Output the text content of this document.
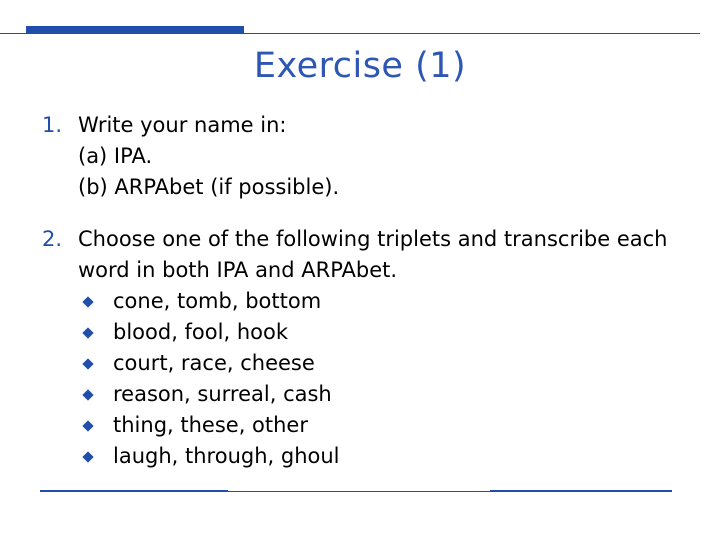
Exercise (1)
1. Write your name in:
(a) IPA.
(b) ARPAbet (if possible).
2. Choose one of the following triplets and transcribe each word in both IPA and ARPAbet.
cone, tomb, bottom
blood, fool, hook
court, race, cheese
reason, surreal, cash
thing, these, other
laugh, through, ghoul
